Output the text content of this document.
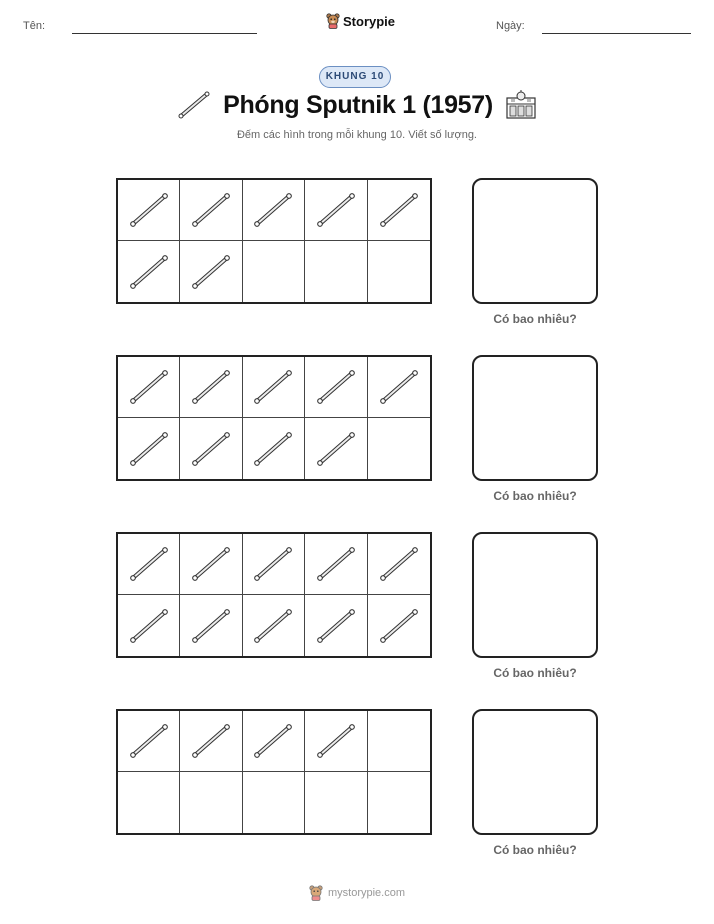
Tên:	Storypie	Ngày:
KHUNG 10
Phóng Sputnik 1 (1957)
Đếm các hình trong mỗi khung 10. Viết số lượng.
Có bao nhiêu?
Có bao nhiêu?
Có bao nhiêu?
Có bao nhiêu?
mystorypie.com
